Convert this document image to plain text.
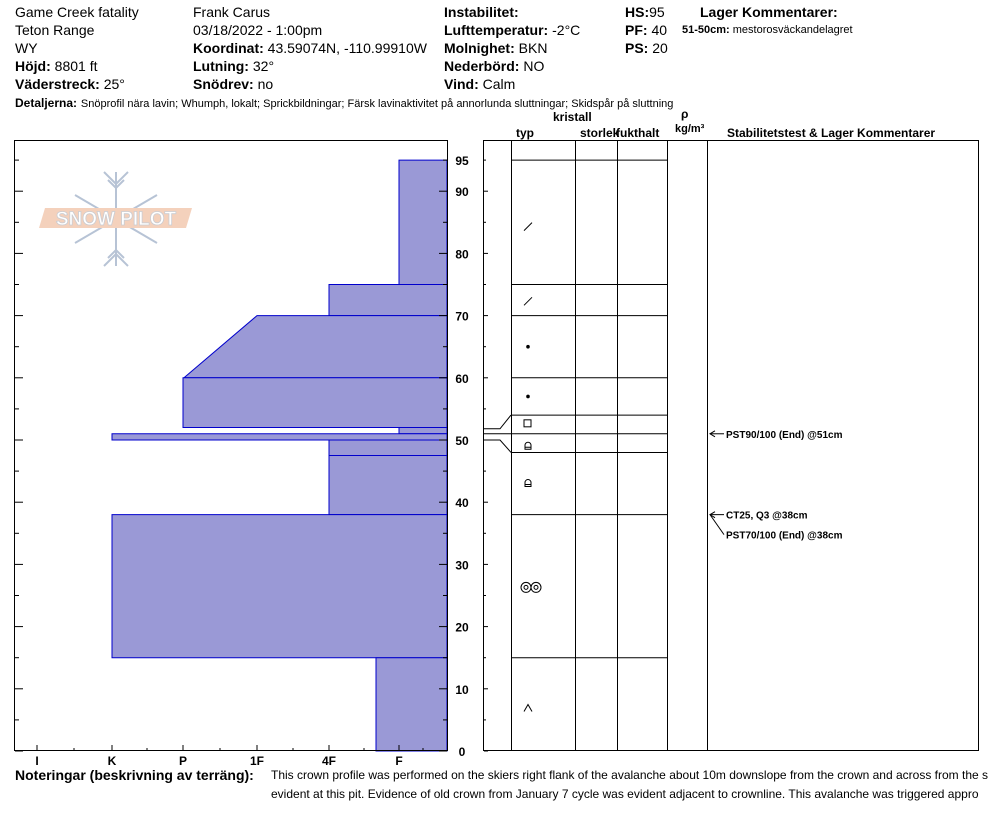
Game Creek fatality
Teton Range
WY
Höjd: 8801 ft
Väderstreck: 25°
Frank Carus
03/18/2022 - 1:00pm
Koordinat: 43.59074N, -110.99910W
Lutning: 32°
Snödrev: no
Instabilitet:
Lufttemperatur: -2°C
Molnighet: BKN
Nederbörd: NO
Vind: Calm
HS:95
PF: 40
PS: 20
Lager Kommentarer:
51-50cm: mestorosväckandelagret
Detaljerna: Snöprofil nära lavin; Whumph, lokalt; Sprickbildningar; Färsk lavinaktivitet på annorlunda sluttningar; Skidspår på sluttning
kristall
typ	storlek
fukthalt
ρ
kg/m³ Stabilitetstest & Lager Kommentarer
I	K	P	1F	4F	F
0
10
20
30
40
50
60
70
80
90
95
PST90/100 (End) @51cm
CT25, Q3 @38cm
PST70/100 (End) @38cm
SNOW PILOT
Noteringar (beskrivning av terräng): This crown profile was performed on the skiers right flank of the avalanche about 10m downslope from the crown and across from the s
evident at this pit. Evidence of old crown from January 7 cycle was evident adjacent to crownline. This avalanche was triggered appro
